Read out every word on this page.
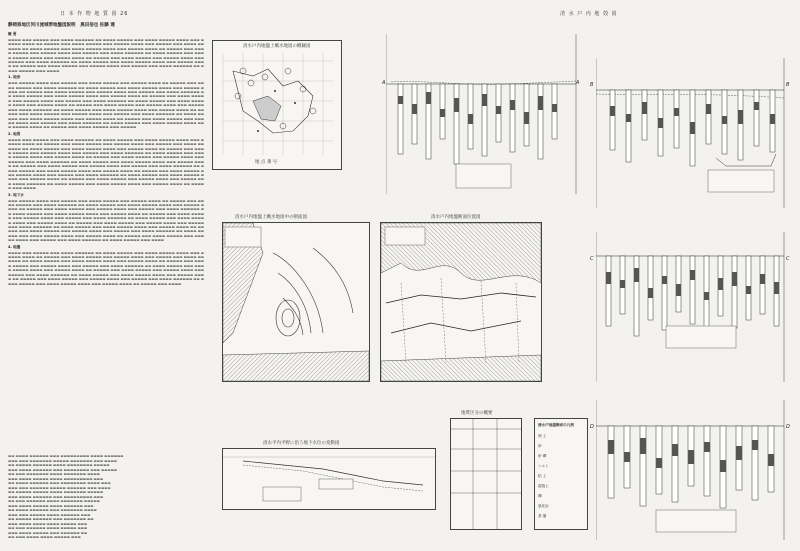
日 本 作 物 地 質 図 26	清 水 戸 内 地 殻 図
静岡県地区河川流域帯地盤図説明 黒田信也 佐藤 達
概 要
▬▬▬▬ ▬▬▬ ▬▬▬▬▬ ▬▬▬ ▬▬▬▬ ▬▬▬▬▬▬ ▬▬ ▬▬▬▬ ▬▬▬▬▬ ▬▬▬ ▬▬▬▬ ▬▬▬▬▬ ▬▬▬▬ ▬▬▬ ▬▬▬▬▬ ▬▬▬▬ ▬▬ ▬▬▬▬▬ ▬▬▬ ▬▬▬▬ ▬▬▬▬▬ ▬▬▬ ▬▬▬▬▬ ▬▬▬▬ ▬▬▬ ▬▬▬▬▬ ▬▬▬ ▬▬▬▬ ▬▬▬▬▬▬ ▬▬ ▬▬▬▬ ▬▬▬▬▬ ▬▬▬ ▬▬▬▬ ▬▬▬▬▬ ▬▬▬▬ ▬▬▬ ▬▬▬▬▬ ▬▬▬▬ ▬▬ ▬▬▬▬▬ ▬▬▬ ▬▬▬▬ ▬▬▬▬▬ ▬▬▬ ▬▬▬▬▬ ▬▬▬▬ ▬▬▬ ▬▬▬▬▬ ▬▬▬ ▬▬▬▬ ▬▬▬▬▬▬ ▬▬ ▬▬▬▬ ▬▬▬▬▬ ▬▬▬ ▬▬▬▬ ▬▬▬▬▬ ▬▬▬▬ ▬▬▬ ▬▬▬▬▬ ▬▬▬▬ ▬▬ ▬▬▬▬▬ ▬▬▬ ▬▬▬▬ ▬▬▬▬▬ ▬▬▬ ▬▬▬▬▬ ▬▬▬▬ ▬▬▬ ▬▬▬▬▬ ▬▬▬ ▬▬▬▬ ▬▬▬▬▬▬ ▬▬ ▬▬▬▬ ▬▬▬▬▬ ▬▬▬ ▬▬▬▬ ▬▬▬▬▬ ▬▬▬▬ ▬▬▬ ▬▬▬▬▬ ▬▬▬▬ ▬▬ ▬▬▬▬▬ ▬▬▬ ▬▬▬▬ ▬▬▬▬▬ ▬▬▬ ▬▬▬▬▬ ▬▬▬▬ ▬▬▬ ▬▬▬▬▬ ▬▬▬ ▬▬▬▬ ▬▬▬▬▬▬ ▬▬ ▬▬▬▬ ▬▬▬▬▬ ▬▬▬ ▬▬▬▬
1. 地形
▬▬▬ ▬▬▬▬▬ ▬▬▬▬ ▬▬▬ ▬▬▬▬▬ ▬▬▬ ▬▬▬▬ ▬▬▬▬▬ ▬▬▬ ▬▬▬▬▬ ▬▬▬▬ ▬▬ ▬▬▬▬▬ ▬▬▬ ▬▬▬▬ ▬▬▬▬▬ ▬▬▬ ▬▬▬▬ ▬▬▬▬▬▬ ▬▬ ▬▬▬▬ ▬▬▬▬▬ ▬▬▬ ▬▬▬▬ ▬▬▬▬▬ ▬▬▬▬ ▬▬▬ ▬▬▬▬▬ ▬▬▬▬ ▬▬ ▬▬▬▬▬ ▬▬▬ ▬▬▬▬ ▬▬▬▬▬ ▬▬▬ ▬▬▬▬▬ ▬▬▬▬ ▬▬▬ ▬▬▬▬▬ ▬▬▬ ▬▬▬▬ ▬▬▬▬▬▬ ▬▬ ▬▬▬▬ ▬▬▬▬▬ ▬▬▬ ▬▬▬▬ ▬▬▬▬▬ ▬▬▬▬ ▬▬▬ ▬▬▬▬▬ ▬▬▬▬ ▬▬ ▬▬▬▬▬ ▬▬▬ ▬▬▬▬ ▬▬▬▬▬ ▬▬▬ ▬▬▬▬▬ ▬▬▬▬ ▬▬▬ ▬▬▬▬▬ ▬▬▬ ▬▬▬▬ ▬▬▬▬▬▬ ▬▬ ▬▬▬▬ ▬▬▬▬▬ ▬▬▬ ▬▬▬▬ ▬▬▬▬▬ ▬▬▬▬ ▬▬▬ ▬▬▬▬▬ ▬▬▬▬ ▬▬ ▬▬▬▬▬ ▬▬▬ ▬▬▬▬ ▬▬▬▬▬ ▬▬▬ ▬▬▬▬▬ ▬▬▬▬ ▬▬▬ ▬▬▬▬▬ ▬▬▬ ▬▬▬▬ ▬▬▬▬▬▬ ▬▬ ▬▬▬▬ ▬▬▬▬▬ ▬▬▬ ▬▬▬▬ ▬▬▬▬▬ ▬▬▬▬ ▬▬▬ ▬▬▬▬▬ ▬▬▬▬ ▬▬ ▬▬▬▬▬ ▬▬▬ ▬▬▬▬ ▬▬▬▬▬ ▬▬▬ ▬▬▬▬▬ ▬▬▬▬ ▬▬▬ ▬▬▬▬▬ ▬▬▬ ▬▬▬▬ ▬▬▬▬▬▬ ▬▬ ▬▬▬▬ ▬▬▬▬▬ ▬▬▬ ▬▬▬▬ ▬▬▬▬▬ ▬▬▬▬ ▬▬▬ ▬▬▬▬▬ ▬▬▬▬ ▬▬ ▬▬▬▬▬ ▬▬▬ ▬▬▬▬ ▬▬▬▬▬ ▬▬▬ ▬▬▬▬▬ ▬▬▬▬ ▬▬▬ ▬▬▬▬▬ ▬▬▬ ▬▬▬▬ ▬▬▬▬▬▬ ▬▬ ▬▬▬▬ ▬▬▬▬▬ ▬▬▬ ▬▬▬▬ ▬▬▬▬▬ ▬▬▬▬ ▬▬▬ ▬▬▬▬▬ ▬▬▬▬ ▬▬ ▬▬▬▬▬ ▬▬▬ ▬▬▬▬ ▬▬▬▬▬ ▬▬▬ ▬▬▬▬▬
2. 地質
▬▬▬▬ ▬▬▬ ▬▬▬▬▬ ▬▬▬ ▬▬▬▬ ▬▬▬▬▬▬ ▬▬ ▬▬▬▬ ▬▬▬▬▬ ▬▬▬ ▬▬▬▬ ▬▬▬▬▬ ▬▬▬▬ ▬▬▬ ▬▬▬▬▬ ▬▬▬▬ ▬▬ ▬▬▬▬▬ ▬▬▬ ▬▬▬▬ ▬▬▬▬▬ ▬▬▬ ▬▬▬▬▬ ▬▬▬▬ ▬▬▬ ▬▬▬▬▬ ▬▬▬ ▬▬▬▬ ▬▬▬▬▬▬ ▬▬ ▬▬▬▬ ▬▬▬▬▬ ▬▬▬ ▬▬▬▬ ▬▬▬▬▬ ▬▬▬▬ ▬▬▬ ▬▬▬▬▬ ▬▬▬▬ ▬▬ ▬▬▬▬▬ ▬▬▬ ▬▬▬▬ ▬▬▬▬▬ ▬▬▬ ▬▬▬▬▬ ▬▬▬▬ ▬▬▬ ▬▬▬▬▬ ▬▬▬ ▬▬▬▬ ▬▬▬▬▬▬ ▬▬ ▬▬▬▬ ▬▬▬▬▬ ▬▬▬ ▬▬▬▬ ▬▬▬▬▬ ▬▬▬▬ ▬▬▬ ▬▬▬▬▬ ▬▬▬▬ ▬▬ ▬▬▬▬▬ ▬▬▬ ▬▬▬▬ ▬▬▬▬▬ ▬▬▬ ▬▬▬▬▬ ▬▬▬▬ ▬▬▬ ▬▬▬▬▬ ▬▬▬ ▬▬▬▬ ▬▬▬▬▬▬ ▬▬ ▬▬▬▬ ▬▬▬▬▬ ▬▬▬ ▬▬▬▬ ▬▬▬▬▬ ▬▬▬▬ ▬▬▬ ▬▬▬▬▬ ▬▬▬▬ ▬▬ ▬▬▬▬▬ ▬▬▬ ▬▬▬▬ ▬▬▬▬▬ ▬▬▬ ▬▬▬▬▬ ▬▬▬▬ ▬▬▬ ▬▬▬▬▬ ▬▬▬ ▬▬▬▬ ▬▬▬▬▬▬ ▬▬ ▬▬▬▬ ▬▬▬▬▬ ▬▬▬ ▬▬▬▬ ▬▬▬▬▬ ▬▬▬▬ ▬▬▬ ▬▬▬▬▬ ▬▬▬▬ ▬▬ ▬▬▬▬▬ ▬▬▬ ▬▬▬▬ ▬▬▬▬▬ ▬▬▬ ▬▬▬▬▬ ▬▬▬▬ ▬▬▬ ▬▬▬▬▬ ▬▬▬ ▬▬▬▬ ▬▬▬▬▬▬ ▬▬ ▬▬▬▬ ▬▬▬▬▬ ▬▬▬ ▬▬▬▬ ▬▬▬▬▬ ▬▬▬▬ ▬▬▬ ▬▬▬▬▬ ▬▬▬▬ ▬▬ ▬▬▬▬▬ ▬▬▬ ▬▬▬▬ ▬▬▬▬▬ ▬▬▬ ▬▬▬▬▬ ▬▬▬▬ ▬▬▬ ▬▬▬▬▬ ▬▬▬ ▬▬▬▬ ▬▬▬▬▬▬ ▬▬ ▬▬▬▬ ▬▬▬▬▬ ▬▬▬ ▬▬▬▬ ▬▬▬▬▬ ▬▬▬▬ ▬▬▬ ▬▬▬▬▬ ▬▬▬▬ ▬▬ ▬▬▬▬▬ ▬▬▬ ▬▬▬▬
3. 地下水
▬▬▬ ▬▬▬▬▬ ▬▬▬▬ ▬▬▬ ▬▬▬▬▬ ▬▬▬ ▬▬▬▬ ▬▬▬▬▬ ▬▬▬ ▬▬▬▬▬ ▬▬▬▬ ▬▬ ▬▬▬▬▬ ▬▬▬ ▬▬▬▬ ▬▬▬▬▬ ▬▬▬ ▬▬▬▬ ▬▬▬▬▬▬ ▬▬ ▬▬▬▬ ▬▬▬▬▬ ▬▬▬ ▬▬▬▬ ▬▬▬▬▬ ▬▬▬▬ ▬▬▬ ▬▬▬▬▬ ▬▬▬▬ ▬▬ ▬▬▬▬▬ ▬▬▬ ▬▬▬▬ ▬▬▬▬▬ ▬▬▬ ▬▬▬▬▬ ▬▬▬▬ ▬▬▬ ▬▬▬▬▬ ▬▬▬ ▬▬▬▬ ▬▬▬▬▬▬ ▬▬ ▬▬▬▬ ▬▬▬▬▬ ▬▬▬ ▬▬▬▬ ▬▬▬▬▬ ▬▬▬▬ ▬▬▬ ▬▬▬▬▬ ▬▬▬▬ ▬▬ ▬▬▬▬▬ ▬▬▬ ▬▬▬▬ ▬▬▬▬▬ ▬▬▬ ▬▬▬▬▬ ▬▬▬▬ ▬▬▬ ▬▬▬▬▬ ▬▬▬ ▬▬▬▬ ▬▬▬▬▬▬ ▬▬ ▬▬▬▬ ▬▬▬▬▬ ▬▬▬ ▬▬▬▬ ▬▬▬▬▬ ▬▬▬▬ ▬▬▬ ▬▬▬▬▬ ▬▬▬▬ ▬▬ ▬▬▬▬▬ ▬▬▬ ▬▬▬▬ ▬▬▬▬▬ ▬▬▬ ▬▬▬▬▬ ▬▬▬▬ ▬▬▬ ▬▬▬▬▬ ▬▬▬ ▬▬▬▬ ▬▬▬▬▬▬ ▬▬ ▬▬▬▬ ▬▬▬▬▬ ▬▬▬ ▬▬▬▬ ▬▬▬▬▬ ▬▬▬▬ ▬▬▬ ▬▬▬▬▬ ▬▬▬▬ ▬▬ ▬▬▬▬▬ ▬▬▬ ▬▬▬▬ ▬▬▬▬▬ ▬▬▬ ▬▬▬▬▬ ▬▬▬▬ ▬▬▬ ▬▬▬▬▬ ▬▬▬ ▬▬▬▬ ▬▬▬▬▬▬ ▬▬ ▬▬▬▬ ▬▬▬▬▬ ▬▬▬ ▬▬▬▬ ▬▬▬▬▬ ▬▬▬▬ ▬▬▬ ▬▬▬▬▬ ▬▬▬▬ ▬▬ ▬▬▬▬▬ ▬▬▬ ▬▬▬▬ ▬▬▬▬▬ ▬▬▬ ▬▬▬▬▬ ▬▬▬▬ ▬▬▬ ▬▬▬▬▬ ▬▬▬ ▬▬▬▬ ▬▬▬▬▬▬ ▬▬ ▬▬▬▬ ▬▬▬▬▬ ▬▬▬ ▬▬▬▬
4. 地盤
▬▬▬▬ ▬▬▬ ▬▬▬▬▬ ▬▬▬ ▬▬▬▬ ▬▬▬▬▬▬ ▬▬ ▬▬▬▬ ▬▬▬▬▬ ▬▬▬ ▬▬▬▬ ▬▬▬▬▬ ▬▬▬▬ ▬▬▬ ▬▬▬▬▬ ▬▬▬▬ ▬▬ ▬▬▬▬▬ ▬▬▬ ▬▬▬▬ ▬▬▬▬▬ ▬▬▬ ▬▬▬▬▬ ▬▬▬▬ ▬▬▬ ▬▬▬▬▬ ▬▬▬ ▬▬▬▬ ▬▬▬▬▬▬ ▬▬ ▬▬▬▬ ▬▬▬▬▬ ▬▬▬ ▬▬▬▬ ▬▬▬▬▬ ▬▬▬▬ ▬▬▬ ▬▬▬▬▬ ▬▬▬▬ ▬▬ ▬▬▬▬▬ ▬▬▬ ▬▬▬▬ ▬▬▬▬▬ ▬▬▬ ▬▬▬▬▬ ▬▬▬▬ ▬▬▬ ▬▬▬▬▬ ▬▬▬ ▬▬▬▬ ▬▬▬▬▬▬ ▬▬ ▬▬▬▬ ▬▬▬▬▬ ▬▬▬ ▬▬▬▬ ▬▬▬▬▬ ▬▬▬▬ ▬▬▬ ▬▬▬▬▬ ▬▬▬▬ ▬▬ ▬▬▬▬▬ ▬▬▬ ▬▬▬▬ ▬▬▬▬▬ ▬▬▬ ▬▬▬▬▬ ▬▬▬▬ ▬▬▬ ▬▬▬▬▬ ▬▬▬ ▬▬▬▬ ▬▬▬▬▬▬ ▬▬ ▬▬▬▬ ▬▬▬▬▬ ▬▬▬ ▬▬▬▬ ▬▬▬▬▬ ▬▬▬▬ ▬▬▬ ▬▬▬▬▬ ▬▬▬▬ ▬▬ ▬▬▬▬▬ ▬▬▬ ▬▬▬▬ ▬▬▬▬▬ ▬▬▬ ▬▬▬▬▬ ▬▬▬▬ ▬▬▬ ▬▬▬▬▬ ▬▬▬ ▬▬▬▬ ▬▬▬▬▬▬ ▬▬ ▬▬▬▬ ▬▬▬▬▬ ▬▬▬ ▬▬▬▬ ▬▬▬▬▬ ▬▬▬▬ ▬▬▬ ▬▬▬▬▬ ▬▬▬▬ ▬▬ ▬▬▬▬▬ ▬▬▬ ▬▬▬▬
▬▬ ▬▬▬▬ ▬▬▬▬▬▬ ▬▬▬ ▬▬▬▬▬▬▬▬▬ ▬▬▬▬ ▬▬▬▬▬▬
▬▬▬ ▬▬▬ ▬▬▬▬▬▬▬ ▬▬▬▬▬ ▬▬▬▬▬▬▬ ▬▬▬ ▬▬▬▬
▬▬ ▬▬▬▬▬ ▬▬▬▬▬▬ ▬▬▬▬ ▬▬▬▬▬▬▬▬ ▬▬▬▬▬
▬▬▬ ▬▬▬▬ ▬▬▬▬▬▬ ▬▬▬ ▬▬▬▬▬▬▬▬ ▬▬▬ ▬▬▬▬▬
▬▬ ▬▬▬ ▬▬▬▬▬▬▬ ▬▬▬▬ ▬▬▬▬▬▬▬ ▬▬▬▬
▬▬▬ ▬▬▬▬ ▬▬▬▬▬ ▬▬▬▬ ▬▬▬▬▬▬▬▬▬ ▬▬▬
▬▬ ▬▬▬▬ ▬▬▬▬▬▬ ▬▬▬ ▬▬▬▬▬▬▬▬ ▬▬▬▬ ▬▬▬
▬▬▬ ▬▬▬ ▬▬▬▬▬▬ ▬▬▬▬▬ ▬▬▬▬▬▬ ▬▬▬ ▬▬▬▬
▬▬ ▬▬▬▬▬ ▬▬▬▬▬ ▬▬▬▬ ▬▬▬▬▬▬▬ ▬▬▬▬▬
▬▬▬ ▬▬▬▬ ▬▬▬▬▬▬ ▬▬▬ ▬▬▬▬▬▬▬▬▬ ▬▬▬
▬▬ ▬▬▬ ▬▬▬▬▬▬ ▬▬▬▬ ▬▬▬▬▬▬▬ ▬▬▬▬▬
▬▬▬ ▬▬▬▬ ▬▬▬▬▬ ▬▬▬▬ ▬▬▬▬▬▬ ▬▬▬
▬▬ ▬▬▬▬ ▬▬▬▬▬▬ ▬▬▬ ▬▬▬▬▬▬▬ ▬▬▬▬
▬▬▬ ▬▬▬ ▬▬▬▬▬ ▬▬▬▬ ▬▬▬▬▬▬ ▬▬▬
▬▬ ▬▬▬▬▬ ▬▬▬▬▬▬ ▬▬▬ ▬▬▬▬▬▬▬ ▬▬
▬▬▬ ▬▬▬▬ ▬▬▬▬ ▬▬▬▬ ▬▬▬▬▬ ▬▬▬
▬▬ ▬▬▬ ▬▬▬▬▬▬ ▬▬▬▬ ▬▬▬▬▬ ▬▬▬
▬▬▬ ▬▬▬▬ ▬▬▬▬▬ ▬▬▬ ▬▬▬▬▬▬ ▬▬
▬▬ ▬▬▬ ▬▬▬▬ ▬▬▬▬ ▬▬▬▬▬ ▬▬▬
清水戸内地盤上概水地図の概観図
地 点 番 号
清水戸内地盤上概水地図中の断面図	清水戸内地盤断面位置図
清水平内平野に沿う地下水位の変動図
地質区分の概要
A	A B	B
C	C
D	D
清水戸地盤断面の凡例
埋 土
砂
砂 礫
シルト
粘 土
腐植土
礫
風化岩
基 盤
